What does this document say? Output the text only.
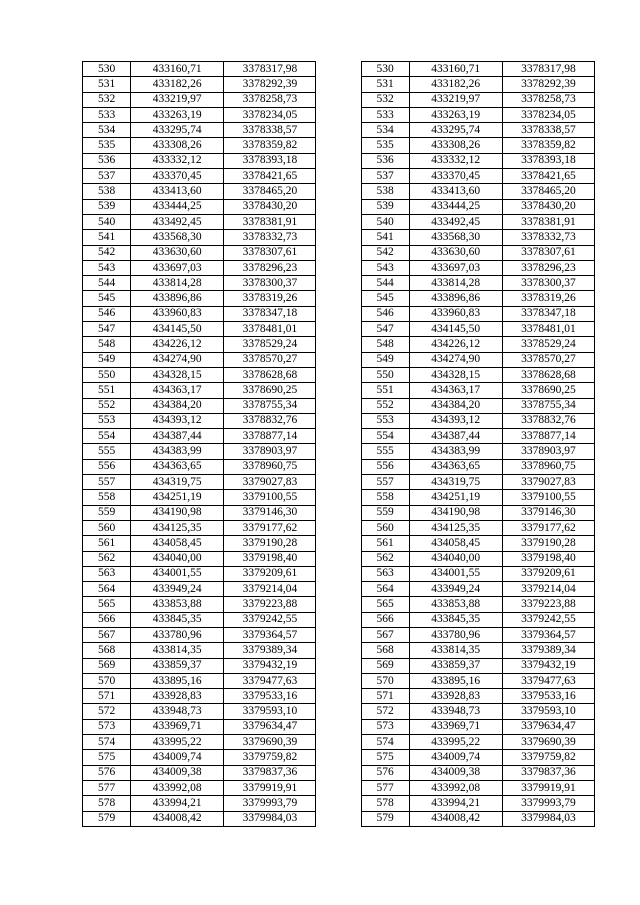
530	433160,71	3378317,98		530	433160,71	3378317,98
531	433182,26	3378292,39		531	433182,26	3378292,39
532	433219,97	3378258,73		532	433219,97	3378258,73
533	433263,19	3378234,05		533	433263,19	3378234,05
534	433295,74	3378338,57		534	433295,74	3378338,57
535	433308,26	3378359,82		535	433308,26	3378359,82
536	433332,12	3378393,18		536	433332,12	3378393,18
537	433370,45	3378421,65		537	433370,45	3378421,65
538	433413,60	3378465,20		538	433413,60	3378465,20
539	433444,25	3378430,20		539	433444,25	3378430,20
540	433492,45	3378381,91		540	433492,45	3378381,91
541	433568,30	3378332,73		541	433568,30	3378332,73
542	433630,60	3378307,61		542	433630,60	3378307,61
543	433697,03	3378296,23		543	433697,03	3378296,23
544	433814,28	3378300,37		544	433814,28	3378300,37
545	433896,86	3378319,26		545	433896,86	3378319,26
546	433960,83	3378347,18		546	433960,83	3378347,18
547	434145,50	3378481,01		547	434145,50	3378481,01
548	434226,12	3378529,24		548	434226,12	3378529,24
549	434274,90	3378570,27		549	434274,90	3378570,27
550	434328,15	3378628,68		550	434328,15	3378628,68
551	434363,17	3378690,25		551	434363,17	3378690,25
552	434384,20	3378755,34		552	434384,20	3378755,34
553	434393,12	3378832,76		553	434393,12	3378832,76
554	434387,44	3378877,14		554	434387,44	3378877,14
555	434383,99	3378903,97		555	434383,99	3378903,97
556	434363,65	3378960,75		556	434363,65	3378960,75
557	434319,75	3379027,83		557	434319,75	3379027,83
558	434251,19	3379100,55		558	434251,19	3379100,55
559	434190,98	3379146,30		559	434190,98	3379146,30
560	434125,35	3379177,62		560	434125,35	3379177,62
561	434058,45	3379190,28		561	434058,45	3379190,28
562	434040,00	3379198,40		562	434040,00	3379198,40
563	434001,55	3379209,61		563	434001,55	3379209,61
564	433949,24	3379214,04		564	433949,24	3379214,04
565	433853,88	3379223,88		565	433853,88	3379223,88
566	433845,35	3379242,55		566	433845,35	3379242,55
567	433780,96	3379364,57		567	433780,96	3379364,57
568	433814,35	3379389,34		568	433814,35	3379389,34
569	433859,37	3379432,19		569	433859,37	3379432,19
570	433895,16	3379477,63		570	433895,16	3379477,63
571	433928,83	3379533,16		571	433928,83	3379533,16
572	433948,73	3379593,10		572	433948,73	3379593,10
573	433969,71	3379634,47		573	433969,71	3379634,47
574	433995,22	3379690,39		574	433995,22	3379690,39
575	434009,74	3379759,82		575	434009,74	3379759,82
576	434009,38	3379837,36		576	434009,38	3379837,36
577	433992,08	3379919,91		577	433992,08	3379919,91
578	433994,21	3379993,79		578	433994,21	3379993,79
579	434008,42	3379984,03		579	434008,42	3379984,03
